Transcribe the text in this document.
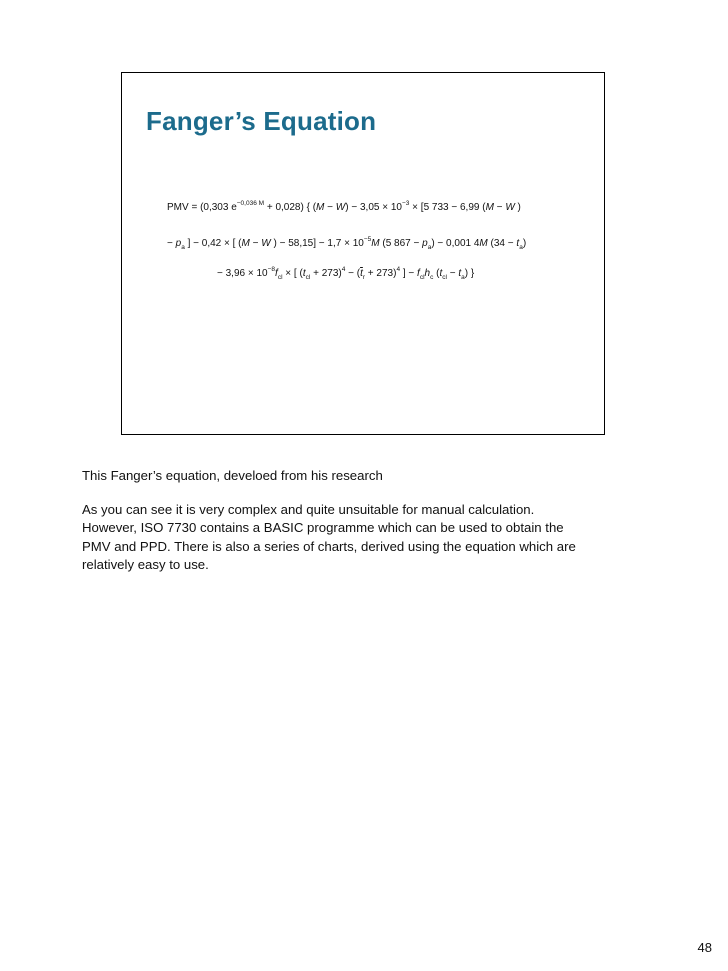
Fanger’s Equation
PMV = (0,303 $e^{-0,036 M} + 0,028$) { $(M - W) - 3,05 \times 10^{-3} \times [5$ 733 − 6,99 (M − W )
− $p_a$ ] − 0,42 × [ (M − W ) − $58,15] - 1,7 \times 10^{-5}M$ (5 $867 - p_a) - 0,001$ 4M $(34 - t_a)$
− $3,96 \times 10^{-8}f_{cl}$ × [ $(t_{cl} + 273)^4 - (\overline{t}_r + 273)^4$ ] − $f_{cl}h_c$ $(t_{cl} - t_a)$ }

This Fanger’s equation, develoed from his research

As you can see it is very complex and quite unsuitable for manual calculation.

However, ISO 7730 contains a BASIC programme which can be used to obtain the

PMV and PPD. There is also a series of charts, derived using the equation which are

relatively easy to use.

48
